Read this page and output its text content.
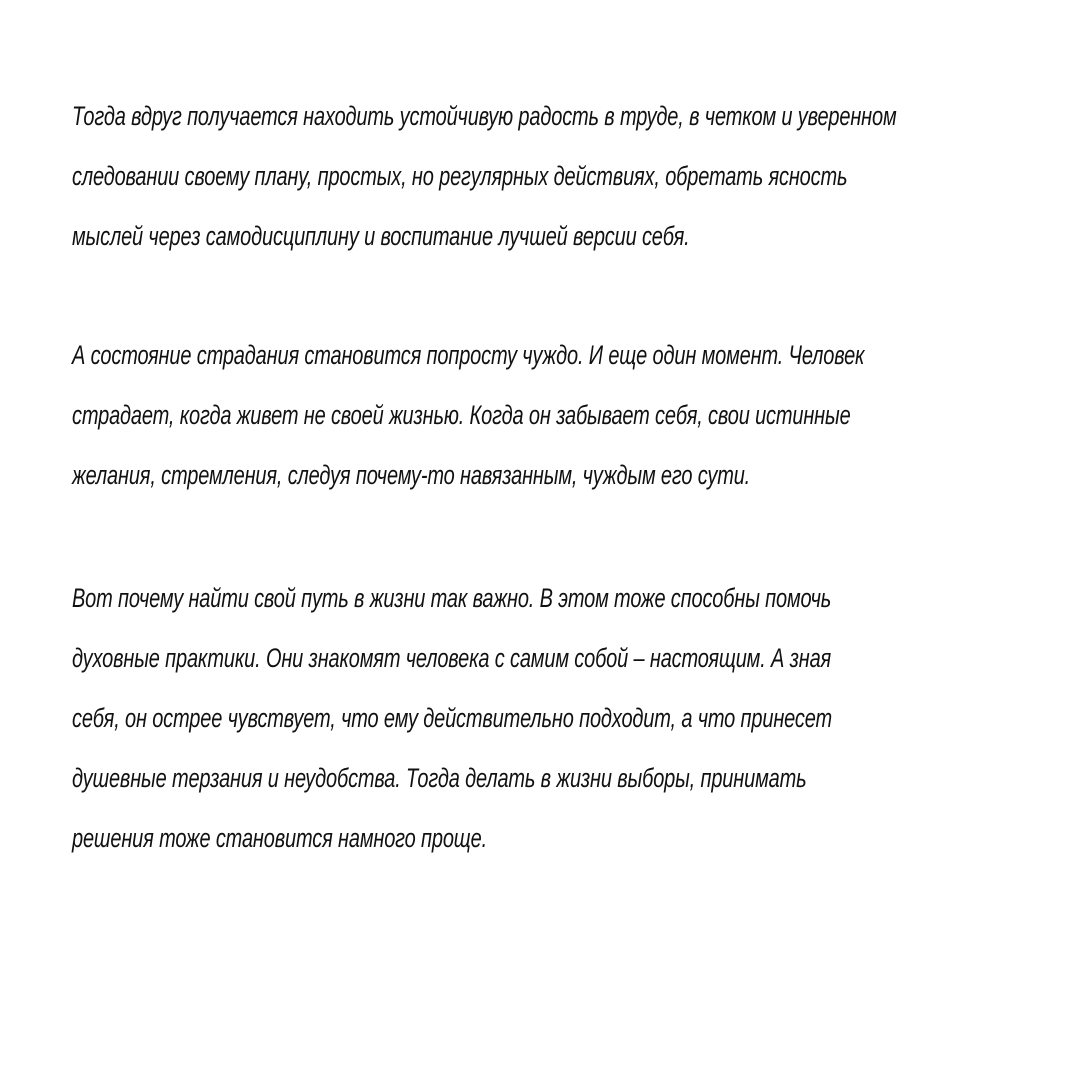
Тогда вдруг получается находить устойчивую радость в труде, в четком и уверенном
следовании своему плану, простых, но регулярных действиях, обретать ясность
мыслей через самодисциплину и воспитание лучшей версии себя.
А состояние страдания становится попросту чуждо. И еще один момент. Человек
страдает, когда живет не своей жизнью. Когда он забывает себя, свои истинные
желания, стремления, следуя почему-то навязанным, чуждым его сути.
Вот почему найти свой путь в жизни так важно. В этом тоже способны помочь
духовные практики. Они знакомят человека с самим собой – настоящим. А зная
себя, он острее чувствует, что ему действительно подходит, а что принесет
душевные терзания и неудобства. Тогда делать в жизни выборы, принимать
решения тоже становится намного проще.
